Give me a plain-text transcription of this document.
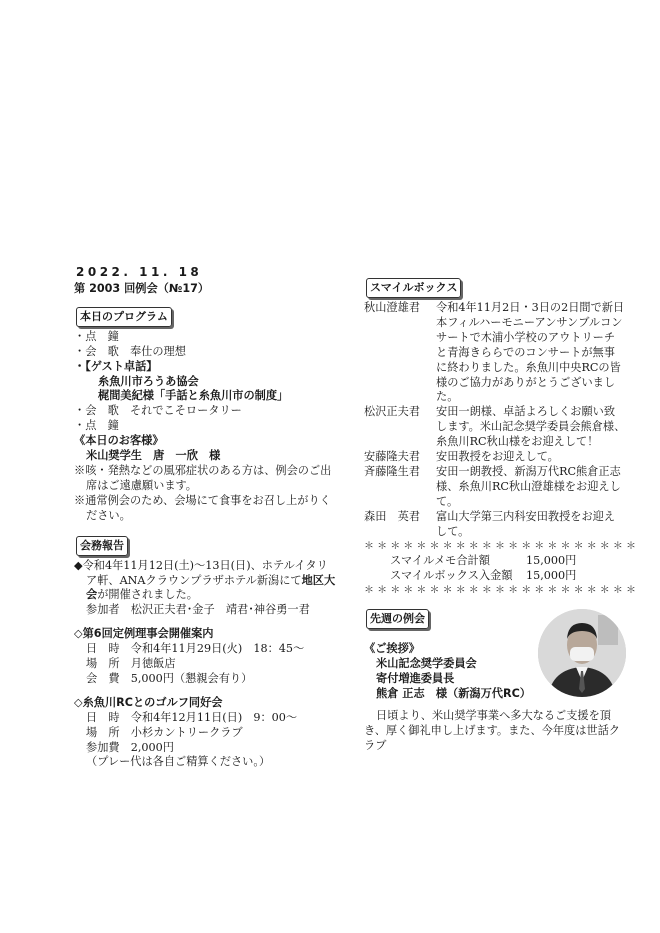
2022. 11. 18
第 2003 回例会（№17）
本日のプログラム
・点　鐘
・会　歌　奉仕の理想
・【ゲスト卓話】
糸魚川市ろうあ協会
梶間美紀様「手話と糸魚川市の制度」
・会　歌　それでこそロータリー
・点　鐘
《本日のお客様》
米山奨学生　唐　一欣　様
※咳・発熱などの風邪症状のある方は、例会のご出席はご遠慮願います。
※通常例会のため、会場にて食事をお召し上がりください。
会務報告
◆令和4年11月12日(土)～13日(日)、ホテルイタリア軒、ANAクラウンプラザホテル新潟にて地区大会が開催されました。
参加者　松沢正夫君･金子　靖君･神谷勇一君
◇第6回定例理事会開催案内
日　時　令和4年11月29日(火)　18：45～
場　所　月徳飯店
会　費　5,000円（懇親会有り）
◇糸魚川RCとのゴルフ同好会
日　時　令和4年12月11日(日)　9：00～
場　所　小杉カントリークラブ
参加費　2,000円
（プレー代は各自ご精算ください。）
スマイルボックス
秋山澄雄君	令和4年11月2日・3日の2日間で新日本フィルハーモニーアンサンブルコンサートで木浦小学校のアウトリーチと青海きららでのコンサートが無事に終わりました。糸魚川中央RCの皆様のご協力がありがとうございました。
松沢正夫君	安田一朗様、卓話よろしくお願い致します。米山記念奨学委員会熊倉様、糸魚川RC秋山様をお迎えして！
安藤隆夫君	安田教授をお迎えして。
斉藤隆生君	安田一朗教授、新潟万代RC熊倉正志様、糸魚川RC秋山澄雄様をお迎えして。
森田　英君	富山大学第三内科安田教授をお迎えして。
＊＊＊＊＊＊＊＊＊＊＊＊＊＊＊＊＊＊＊＊＊
スマイルメモ合計額	15,000円
スマイルボックス入金額	15,000円
＊＊＊＊＊＊＊＊＊＊＊＊＊＊＊＊＊＊＊＊＊
先週の例会
《ご挨拶》
米山記念奨学委員会
寄付増進委員長
熊倉 正志　様（新潟万代RC）
日頃より、米山奨学事業へ多大なるご支援を頂き、厚く御礼申し上げます。また、今年度は世話クラブ
